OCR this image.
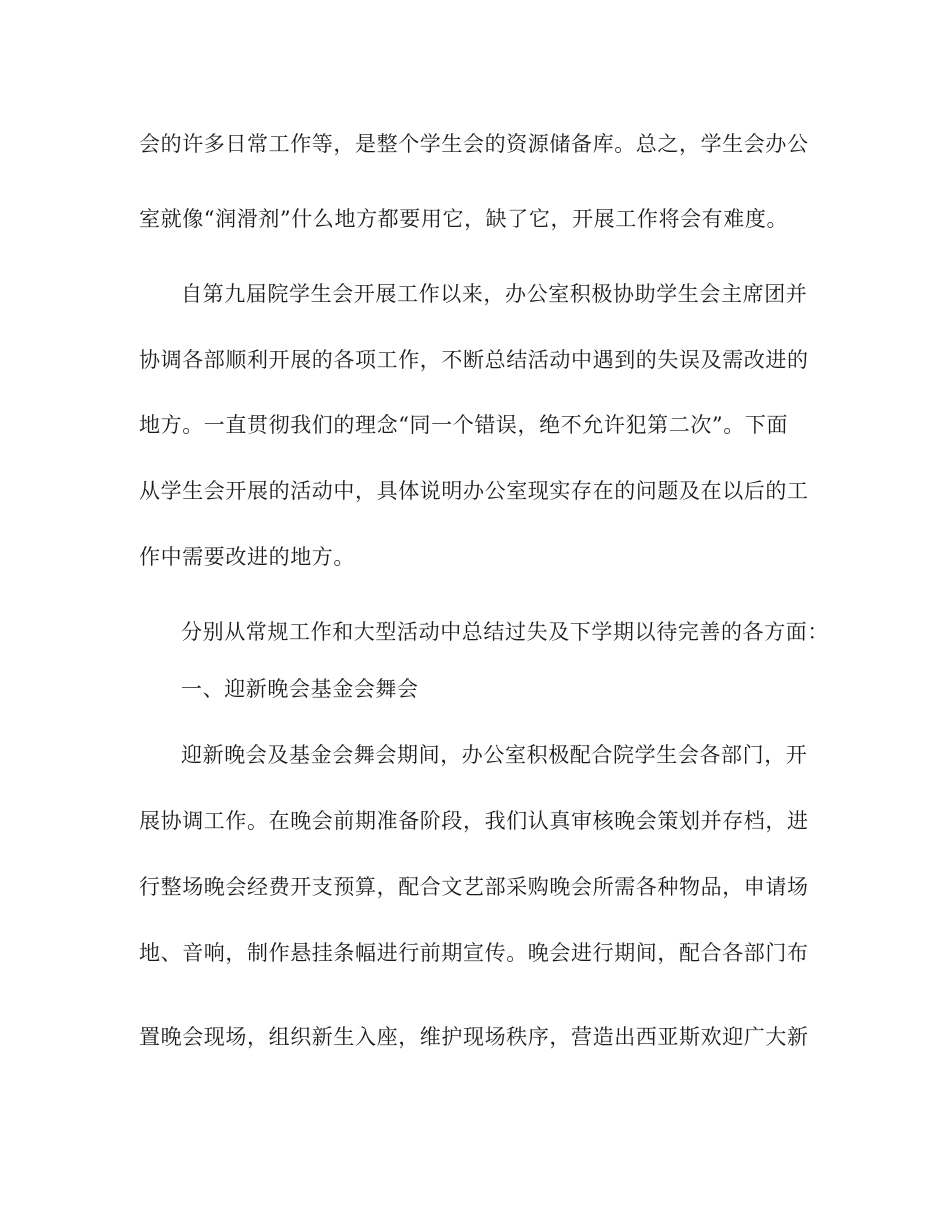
会的许多日常工作等，是整个学生会的资源储备库。总之，学生会办公
室就像“润滑剂”什么地方都要用它，缺了它，开展工作将会有难度。
自第九届院学生会开展工作以来，办公室积极协助学生会主席团并
协调各部顺利开展的各项工作，不断总结活动中遇到的失误及需改进的
地方。一直贯彻我们的理念“同一个错误，绝不允许犯第二次”。下面
从学生会开展的活动中，具体说明办公室现实存在的问题及在以后的工
作中需要改进的地方。
分别从常规工作和大型活动中总结过失及下学期以待完善的各方面：
一、迎新晚会基金会舞会
迎新晚会及基金会舞会期间，办公室积极配合院学生会各部门，开
展协调工作。在晚会前期准备阶段，我们认真审核晚会策划并存档，进
行整场晚会经费开支预算，配合文艺部采购晚会所需各种物品，申请场
地、音响，制作悬挂条幅进行前期宣传。晚会进行期间，配合各部门布
置晚会现场，组织新生入座，维护现场秩序，营造出西亚斯欢迎广大新
